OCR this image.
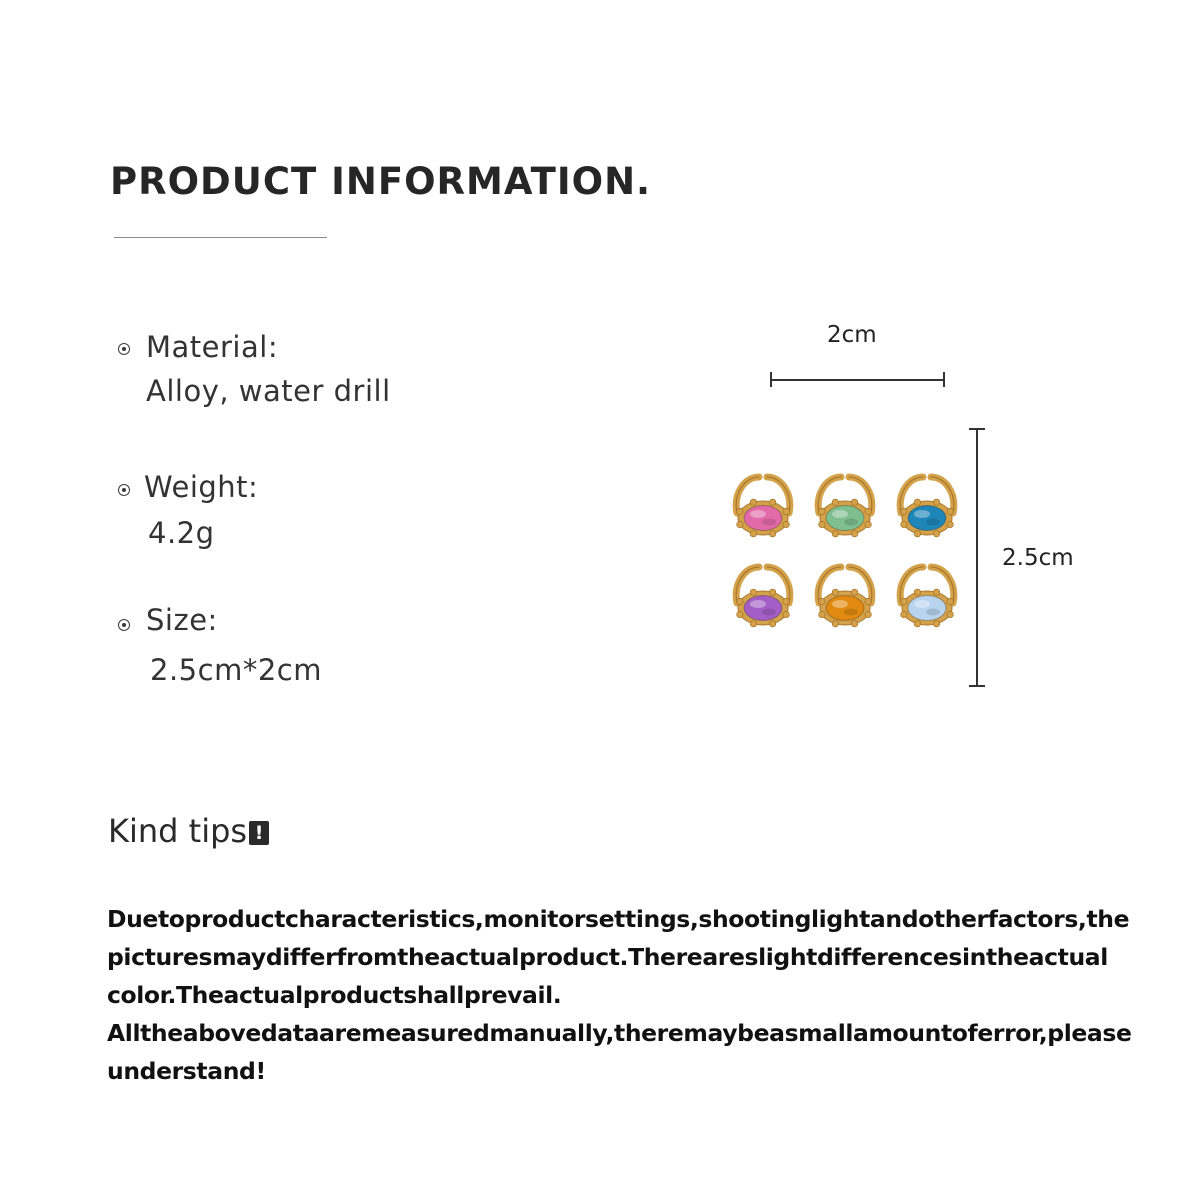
PRODUCT INFORMATION.
Material:
Alloy, water drill
Weight:
4.2g
Size:
2.5cm*2cm
2cm
2.5cm
Kind tips !
Duetoproductcharacteristics,monitorsettings,shootinglightandotherfactors,the
picturesmaydifferfromtheactualproduct.Thereareslightdifferencesintheactual
color.Theactualproductshallprevail.
Alltheabovedataaremeasuredmanually,theremaybeasmallamountoferror,please
understand!
